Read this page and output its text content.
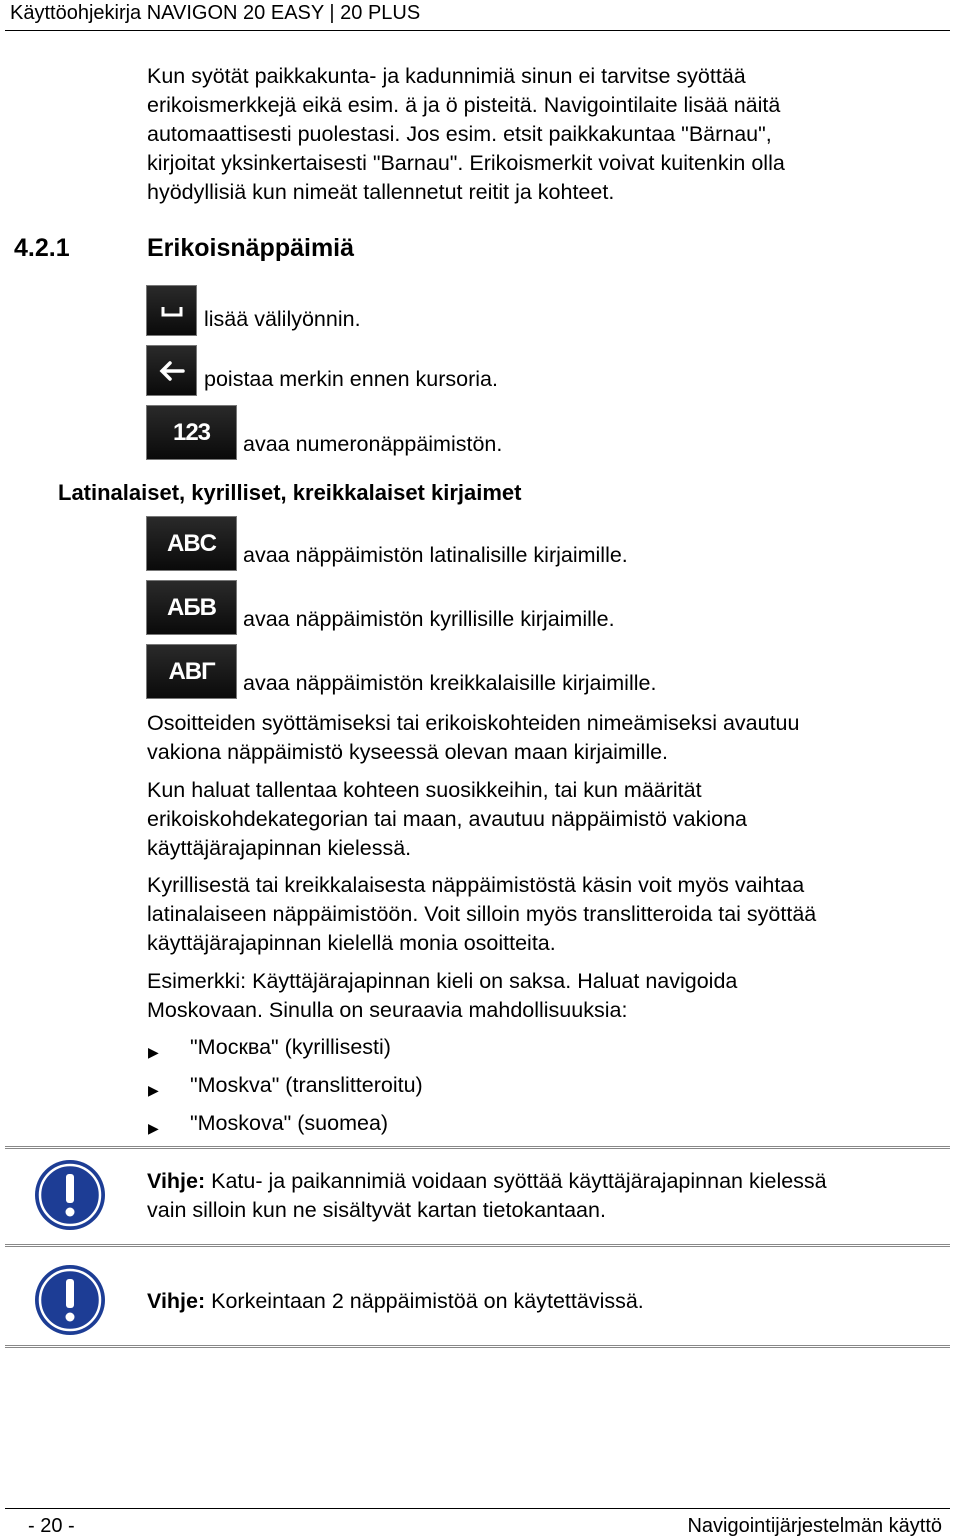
Käyttöohjekirja NAVIGON 20 EASY | 20 PLUS
Kun syötät paikkakunta- ja kadunnimiä sinun ei tarvitse syöttää
erikoismerkkejä eikä esim. ä ja ö pisteitä. Navigointilaite lisää näitä
automaattisesti puolestasi. Jos esim. etsit paikkakuntaa "Bärnau",
kirjoitat yksinkertaisesti "Barnau". Erikoismerkit voivat kuitenkin olla
hyödyllisiä kun nimeät tallennetut reitit ja kohteet.
4.2.1	Erikoisnäppäimiä
lisää välilyönnin.
poistaa merkin ennen kursoria.
123 avaa numeronäppäimistön.
Latinalaiset, kyrilliset, kreikkalaiset kirjaimet
ABC avaa näppäimistön latinalisille kirjaimille.
АБВ avaa näppäimistön kyrillisille kirjaimille.
ΑΒΓ avaa näppäimistön kreikkalaisille kirjaimille.
Osoitteiden syöttämiseksi tai erikoiskohteiden nimeämiseksi avautuu
vakiona näppäimistö kyseessä olevan maan kirjaimille.
Kun haluat tallentaa kohteen suosikkeihin, tai kun määrität
erikoiskohdekategorian tai maan, avautuu näppäimistö vakiona
käyttäjärajapinnan kielessä.
Kyrillisestä tai kreikkalaisesta näppäimistöstä käsin voit myös vaihtaa
latinalaiseen näppäimistöön. Voit silloin myös translitteroida tai syöttää
käyttäjärajapinnan kielellä monia osoitteita.
Esimerkki: Käyttäjärajapinnan kieli on saksa. Haluat navigoida
Moskovaan. Sinulla on seuraavia mahdollisuuksia:
▶ "Москва" (kyrillisesti)
▶ "Moskva" (translitteroitu)
▶ "Moskova" (suomea)
Vihje: Katu- ja paikannimiä voidaan syöttää käyttäjärajapinnan kielessä
vain silloin kun ne sisältyvät kartan tietokantaan.
Vihje: Korkeintaan 2 näppäimistöä on käytettävissä.
- 20 -	Navigointijärjestelmän käyttö
